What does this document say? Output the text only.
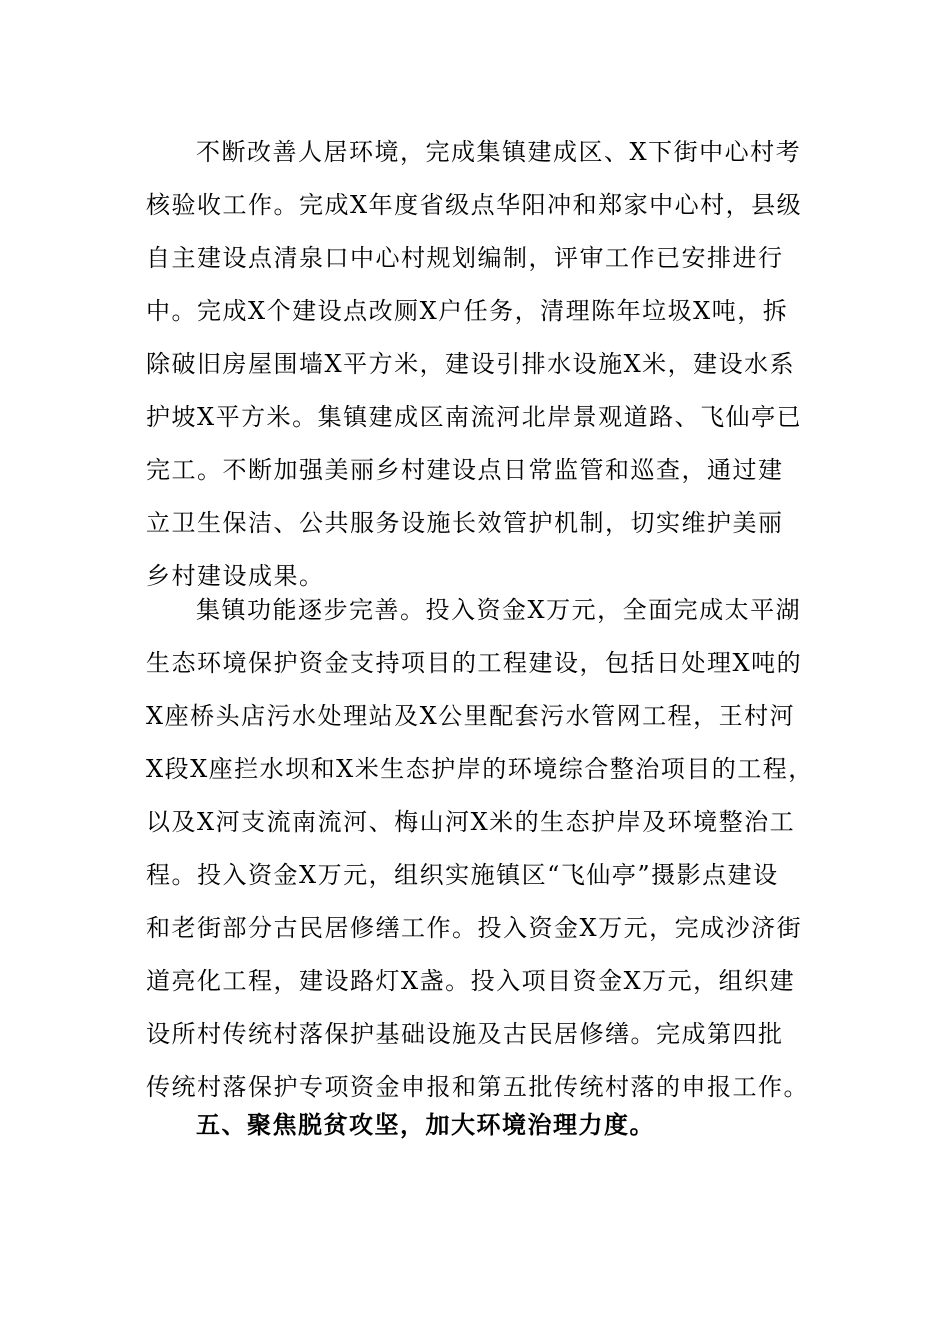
不断改善人居环境，完成集镇建成区、X下街中心村考
核验收工作。完成X年度省级点华阳冲和郑家中心村，县级
自主建设点清泉口中心村规划编制，评审工作已安排进行
中。完成X个建设点改厕X户任务，清理陈年垃圾X吨，拆
除破旧房屋围墙X平方米，建设引排水设施X米，建设水系
护坡X平方米。集镇建成区南流河北岸景观道路、飞仙亭已
完工。不断加强美丽乡村建设点日常监管和巡查，通过建
立卫生保洁、公共服务设施长效管护机制，切实维护美丽
乡村建设成果。
集镇功能逐步完善。投入资金X万元，全面完成太平湖
生态环境保护资金支持项目的工程建设，包括日处理X吨的
X座桥头店污水处理站及X公里配套污水管网工程，王村河
X段X座拦水坝和X米生态护岸的环境综合整治项目的工程，
以及X河支流南流河、梅山河X米的生态护岸及环境整治工
程。投入资金X万元，组织实施镇区“飞仙亭”摄影点建设
和老街部分古民居修缮工作。投入资金X万元，完成沙济街
道亮化工程，建设路灯X盏。投入项目资金X万元，组织建
设所村传统村落保护基础设施及古民居修缮。完成第四批
传统村落保护专项资金申报和第五批传统村落的申报工作。
五、聚焦脱贫攻坚，加大环境治理力度。
